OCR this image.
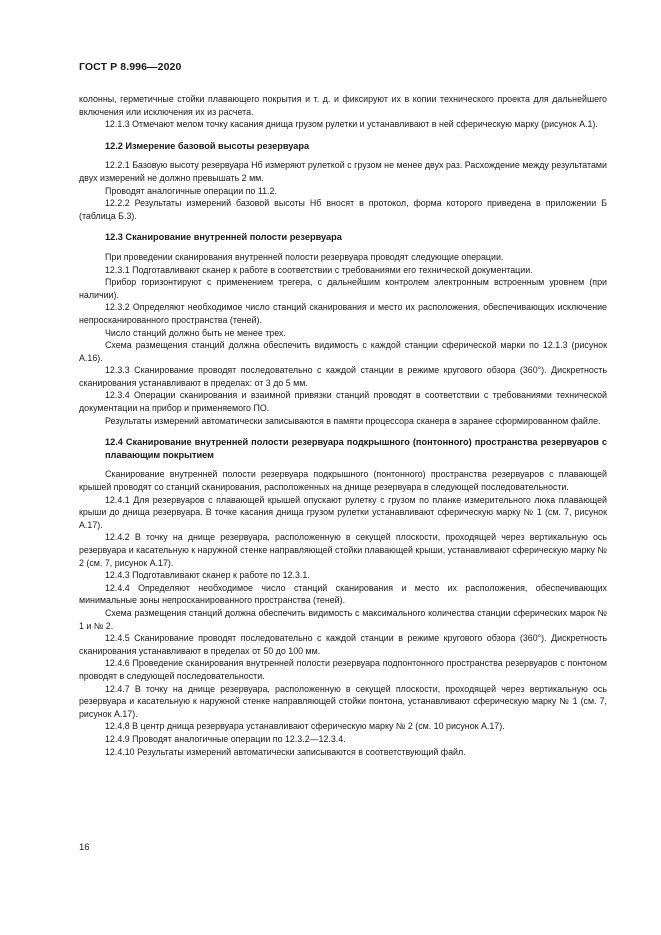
ГОСТ Р 8.996—2020

колонны, герметичные стойки плавающего покрытия и т. д. и фиксируют их в копии технического проекта для дальнейшего включения или исключения их из расчета.

12.1.3 Отмечают мелом точку касания днища грузом рулетки и устанавливают в ней сферическую марку (рисунок А.1).

12.2 Измерение базовой высоты резервуара

12.2.1 Базовую высоту резервуара Hб измеряют рулеткой с грузом не менее двух раз. Расхождение между результатами двух измерений не должно превышать 2 мм.

Проводят аналогичные операции по 11.2.

12.2.2 Результаты измерений базовой высоты Hб вносят в протокол, форма которого приведена в приложении Б (таблица Б.3).

12.3 Сканирование внутренней полости резервуара

При проведении сканирования внутренней полости резервуара проводят следующие операции.

12.3.1 Подготавливают сканер к работе в соответствии с требованиями его технической документации.

Прибор горизонтируют с применением трегера, с дальнейшим контролем электронным встроенным уровнем (при наличии).

12.3.2 Определяют необходимое число станций сканирования и место их расположения, обеспечивающих исключение непросканированного пространства (теней).

Число станций должно быть не менее трех.

Схема размещения станций должна обеспечить видимость с каждой станции сферической марки по 12.1.3 (рисунок А.16).

12.3.3 Сканирование проводят последовательно с каждой станции в режиме кругового обзора (360°). Дискретность сканирования устанавливают в пределах: от 3 до 5 мм.

12.3.4 Операции сканирования и взаимной привязки станций проводят в соответствии с требованиями технической документации на прибор и применяемого ПО.

Результаты измерений автоматически записываются в памяти процессора сканера в заранее сформированном файле.

12.4 Сканирование внутренней полости резервуара подкрышного (понтонного) пространства резервуаров с плавающим покрытием

Сканирование внутренней полости резервуара подкрышного (понтонного) пространства резервуаров с плавающей крышей проводят со станций сканирования, расположенных на днище резервуара в следующей последовательности.

12.4.1 Для резервуаров с плавающей крышей опускают рулетку с грузом по планке измерительного люка плавающей крыши до днища резервуара. В точке касания днища грузом рулетки устанавливают сферическую марку № 1 (см. 7, рисунок А.17).

12.4.2 В точку на днище резервуара, расположенную в секущей плоскости, проходящей через вертикальную ось резервуара и касательную к наружной стенке направляющей стойки плавающей крыши, устанавливают сферическую марку № 2 (см. 7, рисунок А.17).

12.4.3 Подготавливают сканер к работе по 12.3.1.

12.4.4 Определяют необходимое число станций сканирования и место их расположения, обеспечивающих минимальные зоны непросканированного пространства (теней).

Схема размещения станций должна обеспечить видимость с максимального количества станции сферических марок № 1 и № 2.

12.4.5 Сканирование проводят последовательно с каждой станции в режиме кругового обзора (360°). Дискретность сканирования устанавливают в пределах от 50 до 100 мм.

12.4.6 Проведение сканирования внутренней полости резервуара подпонтонного пространства резервуаров с понтоном проводят в следующей последовательности.

12.4.7 В точку на днище резервуара, расположенную в секущей плоскости, проходящей через вертикальную ось резервуара и касательную к наружной стенке направляющей стойки понтона, устанавливают сферическую марку № 1 (см. 7, рисунок А.17).

12.4.8 В центр днища резервуара устанавливают сферическую марку № 2 (см. 10 рисунок А.17).

12.4.9 Проводят аналогичные операции по 12.3.2—12.3.4.

12.4.10 Результаты измерений автоматически записываются в соответствующий файл.

16
